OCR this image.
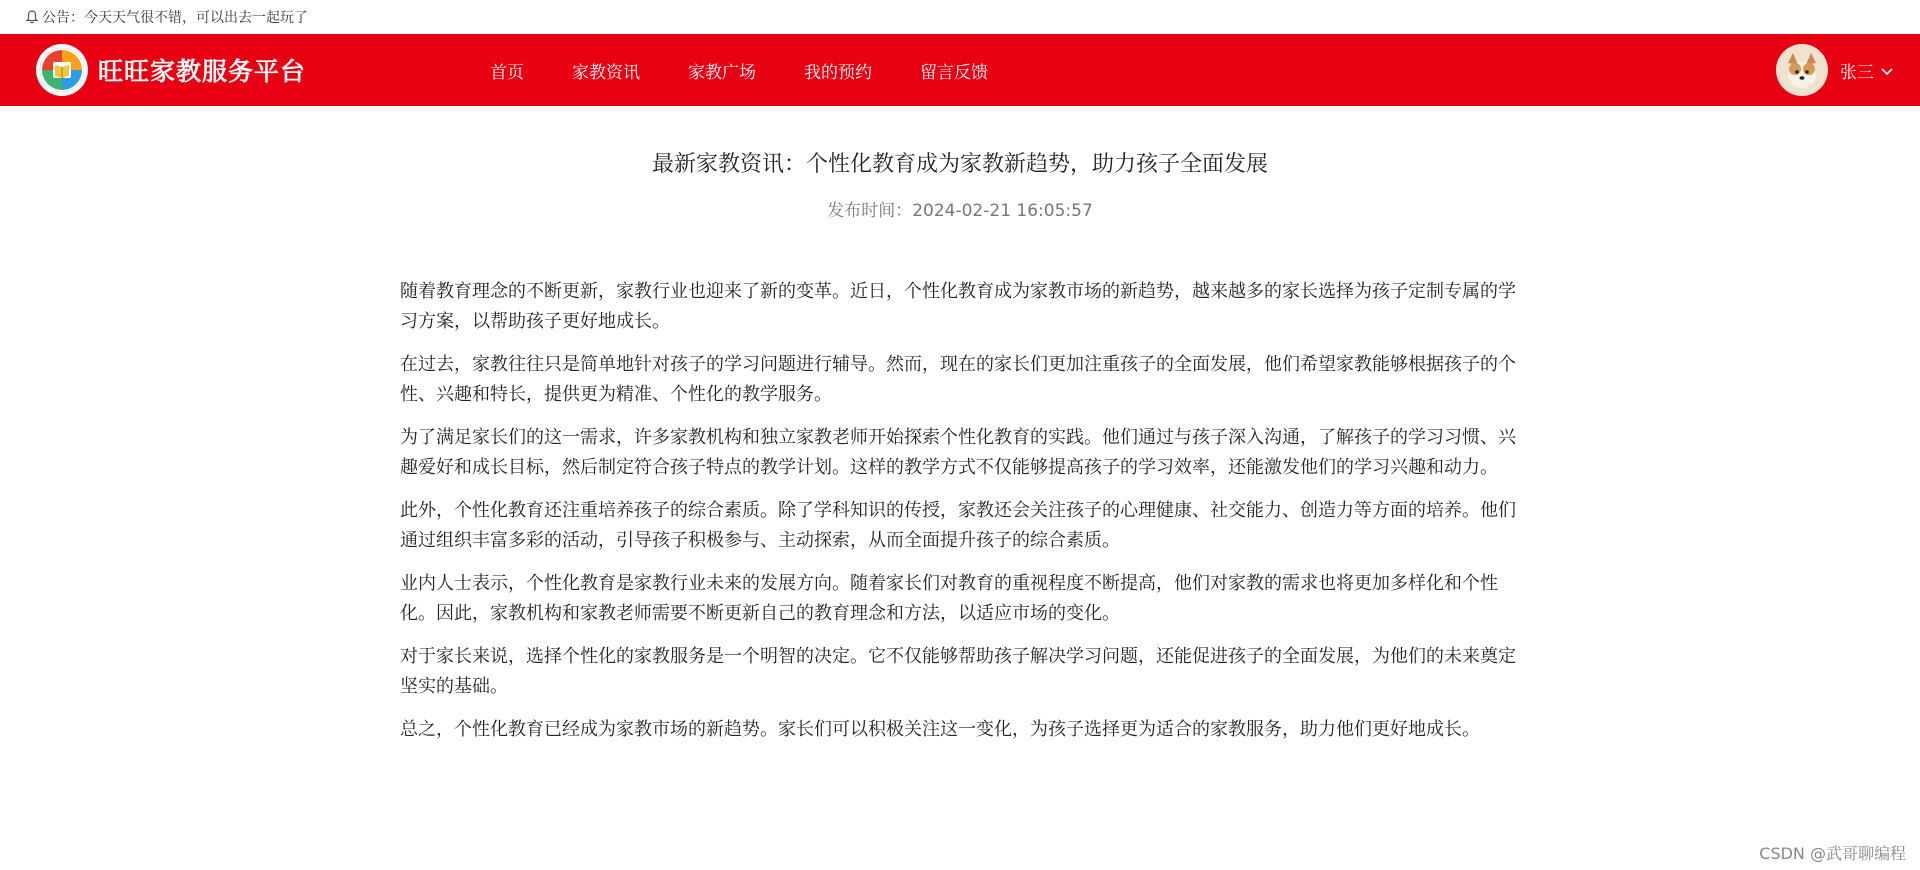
公告：今天天气很不错，可以出去一起玩了
旺旺家教服务平台	首页	家教资讯	家教广场	我的预约	留言反馈	张三
最新家教资讯：个性化教育成为家教新趋势，助力孩子全面发展
发布时间：2024-02-21 16:05:57

随着教育理念的不断更新，家教行业也迎来了新的变革。近日，个性化教育成为家教市场的新趋势，越来越多的家长选择为孩子定制专属的学习方案，以帮助孩子更好地成长。

在过去，家教往往只是简单地针对孩子的学习问题进行辅导。然而，现在的家长们更加注重孩子的全面发展，他们希望家教能够根据孩子的个性、兴趣和特长，提供更为精准、个性化的教学服务。

为了满足家长们的这一需求，许多家教机构和独立家教老师开始探索个性化教育的实践。他们通过与孩子深入沟通，了解孩子的学习习惯、兴趣爱好和成长目标，然后制定符合孩子特点的教学计划。这样的教学方式不仅能够提高孩子的学习效率，还能激发他们的学习兴趣和动力。

此外，个性化教育还注重培养孩子的综合素质。除了学科知识的传授，家教还会关注孩子的心理健康、社交能力、创造力等方面的培养。他们通过组织丰富多彩的活动，引导孩子积极参与、主动探索，从而全面提升孩子的综合素质。

业内人士表示，个性化教育是家教行业未来的发展方向。随着家长们对教育的重视程度不断提高，他们对家教的需求也将更加多样化和个性化。因此，家教机构和家教老师需要不断更新自己的教育理念和方法，以适应市场的变化。

对于家长来说，选择个性化的家教服务是一个明智的决定。它不仅能够帮助孩子解决学习问题，还能促进孩子的全面发展，为他们的未来奠定坚实的基础。

总之，个性化教育已经成为家教市场的新趋势。家长们可以积极关注这一变化，为孩子选择更为适合的家教服务，助力他们更好地成长。

CSDN @武哥聊编程
